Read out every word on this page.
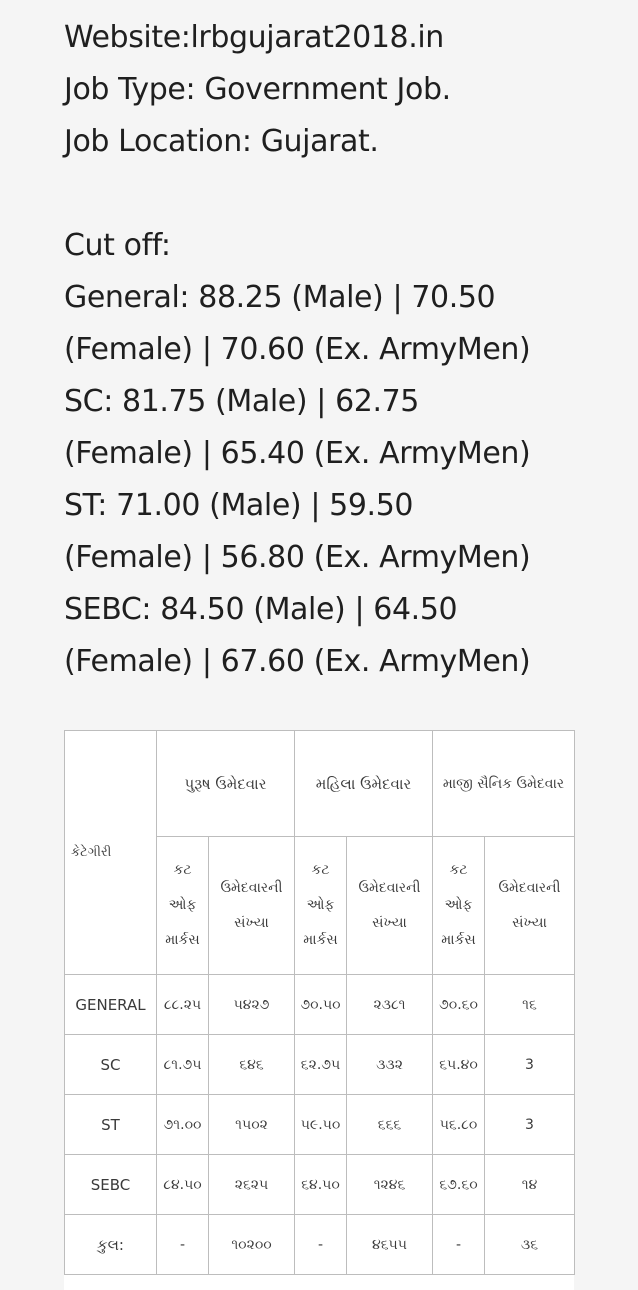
Website:lrbgujarat2018.in
Job Type: Government Job.
Job Location: Gujarat.
Cut off:
General: 88.25 (Male) | 70.50
(Female) | 70.60 (Ex. ArmyMen)
SC: 81.75 (Male) | 62.75
(Female) | 65.40 (Ex. ArmyMen)
ST: 71.00 (Male) | 59.50
(Female) | 56.80 (Ex. ArmyMen)
SEBC: 84.50 (Male) | 64.50
(Female) | 67.60 (Ex. ArmyMen)
કેટેગીરી	પુરૂષ ઉમેદવાર		મહિલા ઉમેદવાર		માજી સૈનિક ઉમેદવાર	

	કટ
ઓફ
માર્કસ	ઉમેદવારની
સંખ્યા	કટ
ઓફ
માર્કસ	ઉમેદવારની
સંખ્યા	કટ
ઓફ
માર્કસ	ઉમેદવારની
સંખ્યા

GENERAL	૮૮.૨૫	૫૪૨૭	૭૦.૫૦	૨૩૮૧	૭૦.૬૦	૧૬
SC	૮૧.૭૫	૬૪૬	૬૨.૭૫	૩૩૨	૬૫.૪૦	3
ST	૭૧.૦૦	૧૫૦૨	૫૯.૫૦	૬૬૬	૫૬.૮૦	3
SEBC	૮૪.૫૦	૨૬૨૫	૬૪.૫૦	૧૨૪૬	૬૭.૬૦	૧૪
કુલ:	-	૧૦૨૦૦	-	૪૬૫૫	-	૩૬
